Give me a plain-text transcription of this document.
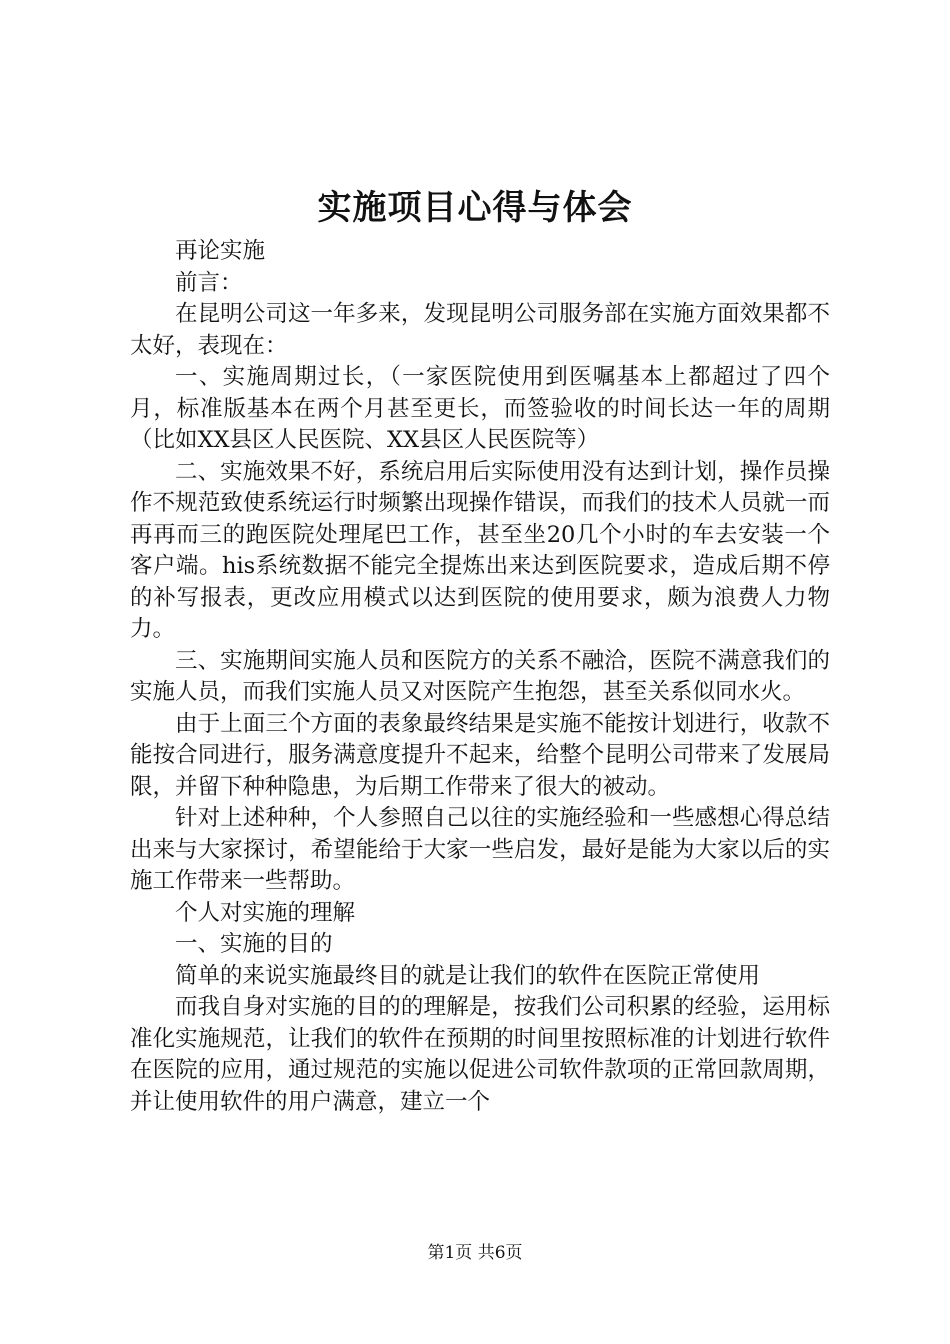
实施项目心得与体会

再论实施

前言：

在昆明公司这一年多来，发现昆明公司服务部在实施方面效果都不太好，表现在：

一、实施周期过长，（一家医院使用到医嘱基本上都超过了四个月，标准版基本在两个月甚至更长，而签验收的时间长达一年的周期（比如XX县区人民医院、XX县区人民医院等）

二、实施效果不好，系统启用后实际使用没有达到计划，操作员操作不规范致使系统运行时频繁出现操作错误，而我们的技术人员就一而再再而三的跑医院处理尾巴工作，甚至坐20几个小时的车去安装一个客户端。his系统数据不能完全提炼出来达到医院要求，造成后期不停的补写报表，更改应用模式以达到医院的使用要求，颇为浪费人力物力。

三、实施期间实施人员和医院方的关系不融洽，医院不满意我们的实施人员，而我们实施人员又对医院产生抱怨，甚至关系似同水火。

由于上面三个方面的表象最终结果是实施不能按计划进行，收款不能按合同进行，服务满意度提升不起来，给整个昆明公司带来了发展局限，并留下种种隐患，为后期工作带来了很大的被动。

针对上述种种，个人参照自己以往的实施经验和一些感想心得总结出来与大家探讨，希望能给于大家一些启发，最好是能为大家以后的实施工作带来一些帮助。

个人对实施的理解

一、实施的目的

简单的来说实施最终目的就是让我们的软件在医院正常使用

而我自身对实施的目的的理解是，按我们公司积累的经验，运用标准化实施规范，让我们的软件在预期的时间里按照标准的计划进行软件在医院的应用，通过规范的实施以促进公司软件款项的正常回款周期，并让使用软件的用户满意，建立一个

第1页 共6页
